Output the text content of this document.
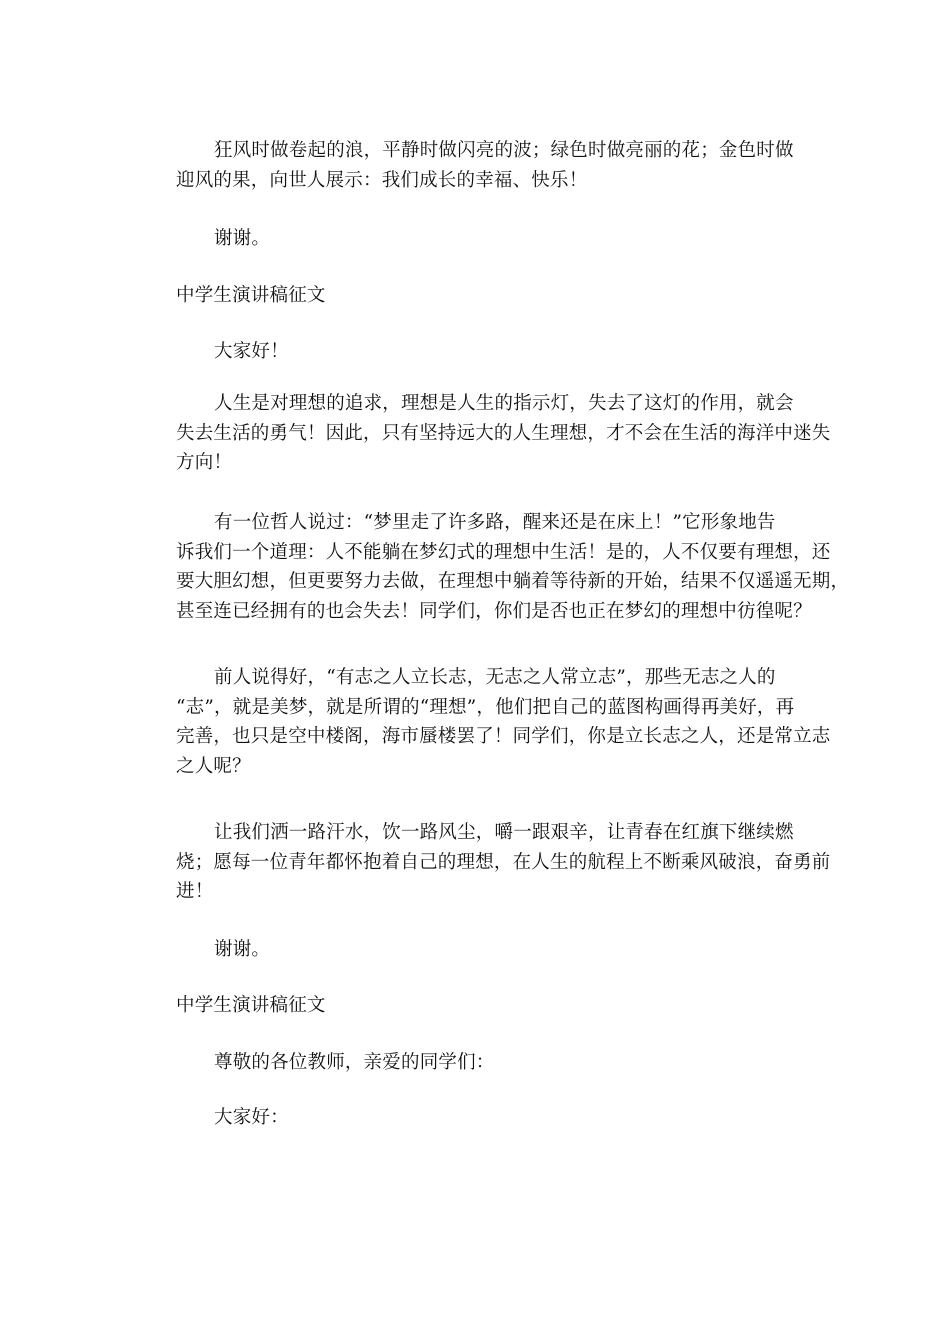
狂风时做卷起的浪，平静时做闪亮的波；绿色时做亮丽的花；金色时做
迎风的果，向世人展示：我们成长的幸福、快乐！

谢谢。

中学生演讲稿征文

大家好！

人生是对理想的追求，理想是人生的指示灯，失去了这灯的作用，就会
失去生活的勇气！因此，只有坚持远大的人生理想，才不会在生活的海洋中迷失
方向！

有一位哲人说过：“梦里走了许多路，醒来还是在床上！”它形象地告
诉我们一个道理：人不能躺在梦幻式的理想中生活！是的，人不仅要有理想，还
要大胆幻想，但更要努力去做，在理想中躺着等待新的开始，结果不仅遥遥无期，
甚至连已经拥有的也会失去！同学们，你们是否也正在梦幻的理想中彷徨呢？

前人说得好，“有志之人立长志，无志之人常立志”，那些无志之人的
“志”，就是美梦，就是所谓的“理想”，他们把自己的蓝图构画得再美好，再
完善，也只是空中楼阁，海市蜃楼罢了！同学们，你是立长志之人，还是常立志
之人呢？

让我们洒一路汗水，饮一路风尘，嚼一跟艰辛，让青春在红旗下继续燃
烧；愿每一位青年都怀抱着自己的理想，在人生的航程上不断乘风破浪，奋勇前
进！

谢谢。

中学生演讲稿征文

尊敬的各位教师，亲爱的同学们：

大家好：
